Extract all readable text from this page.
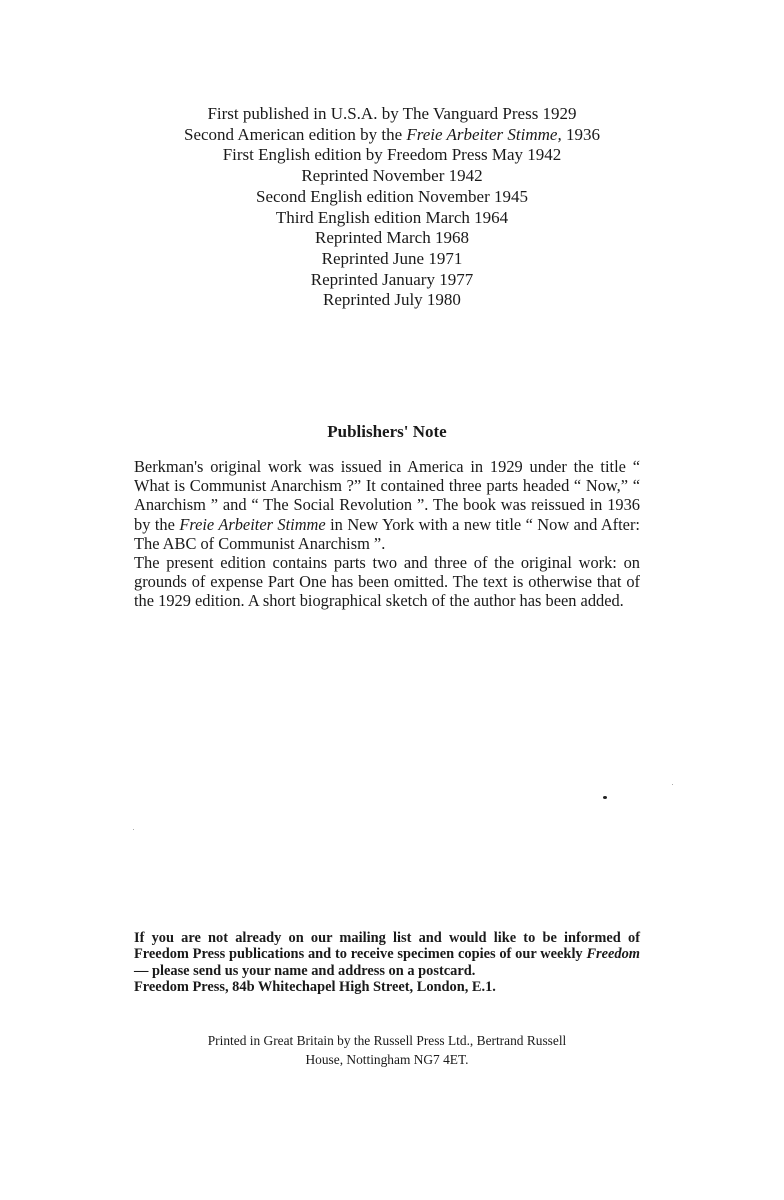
First published in U.S.A. by The Vanguard Press 1929
Second American edition by the Freie Arbeiter Stimme, 1936
First English edition by Freedom Press May 1942
Reprinted November 1942
Second English edition November 1945
Third English edition March 1964
Reprinted March 1968
Reprinted June 1971
Reprinted January 1977
Reprinted July 1980
Publishers' Note

Berkman's original work was issued in America in 1929 under the title “ What is Communist Anarchism ?” It contained three parts headed “ Now,” “ Anarchism ” and “ The Social Revolution ”. The book was reissued in 1936 by the Freie Arbeiter Stimme in New York with a new title “ Now and After: The ABC of Communist Anarchism ”.

The present edition contains parts two and three of the original work: on grounds of expense Part One has been omitted. The text is otherwise that of the 1929 edition. A short biographical sketch of the author has been added.

If you are not already on our mailing list and would like to be informed of Freedom Press publications and to receive specimen copies of our weekly Freedom — please send us your name and address on a postcard.

Freedom Press, 84b Whitechapel High Street, London, E.1.

Printed in Great Britain by the Russell Press Ltd., Bertrand Russell
House, Nottingham NG7 4ET.
